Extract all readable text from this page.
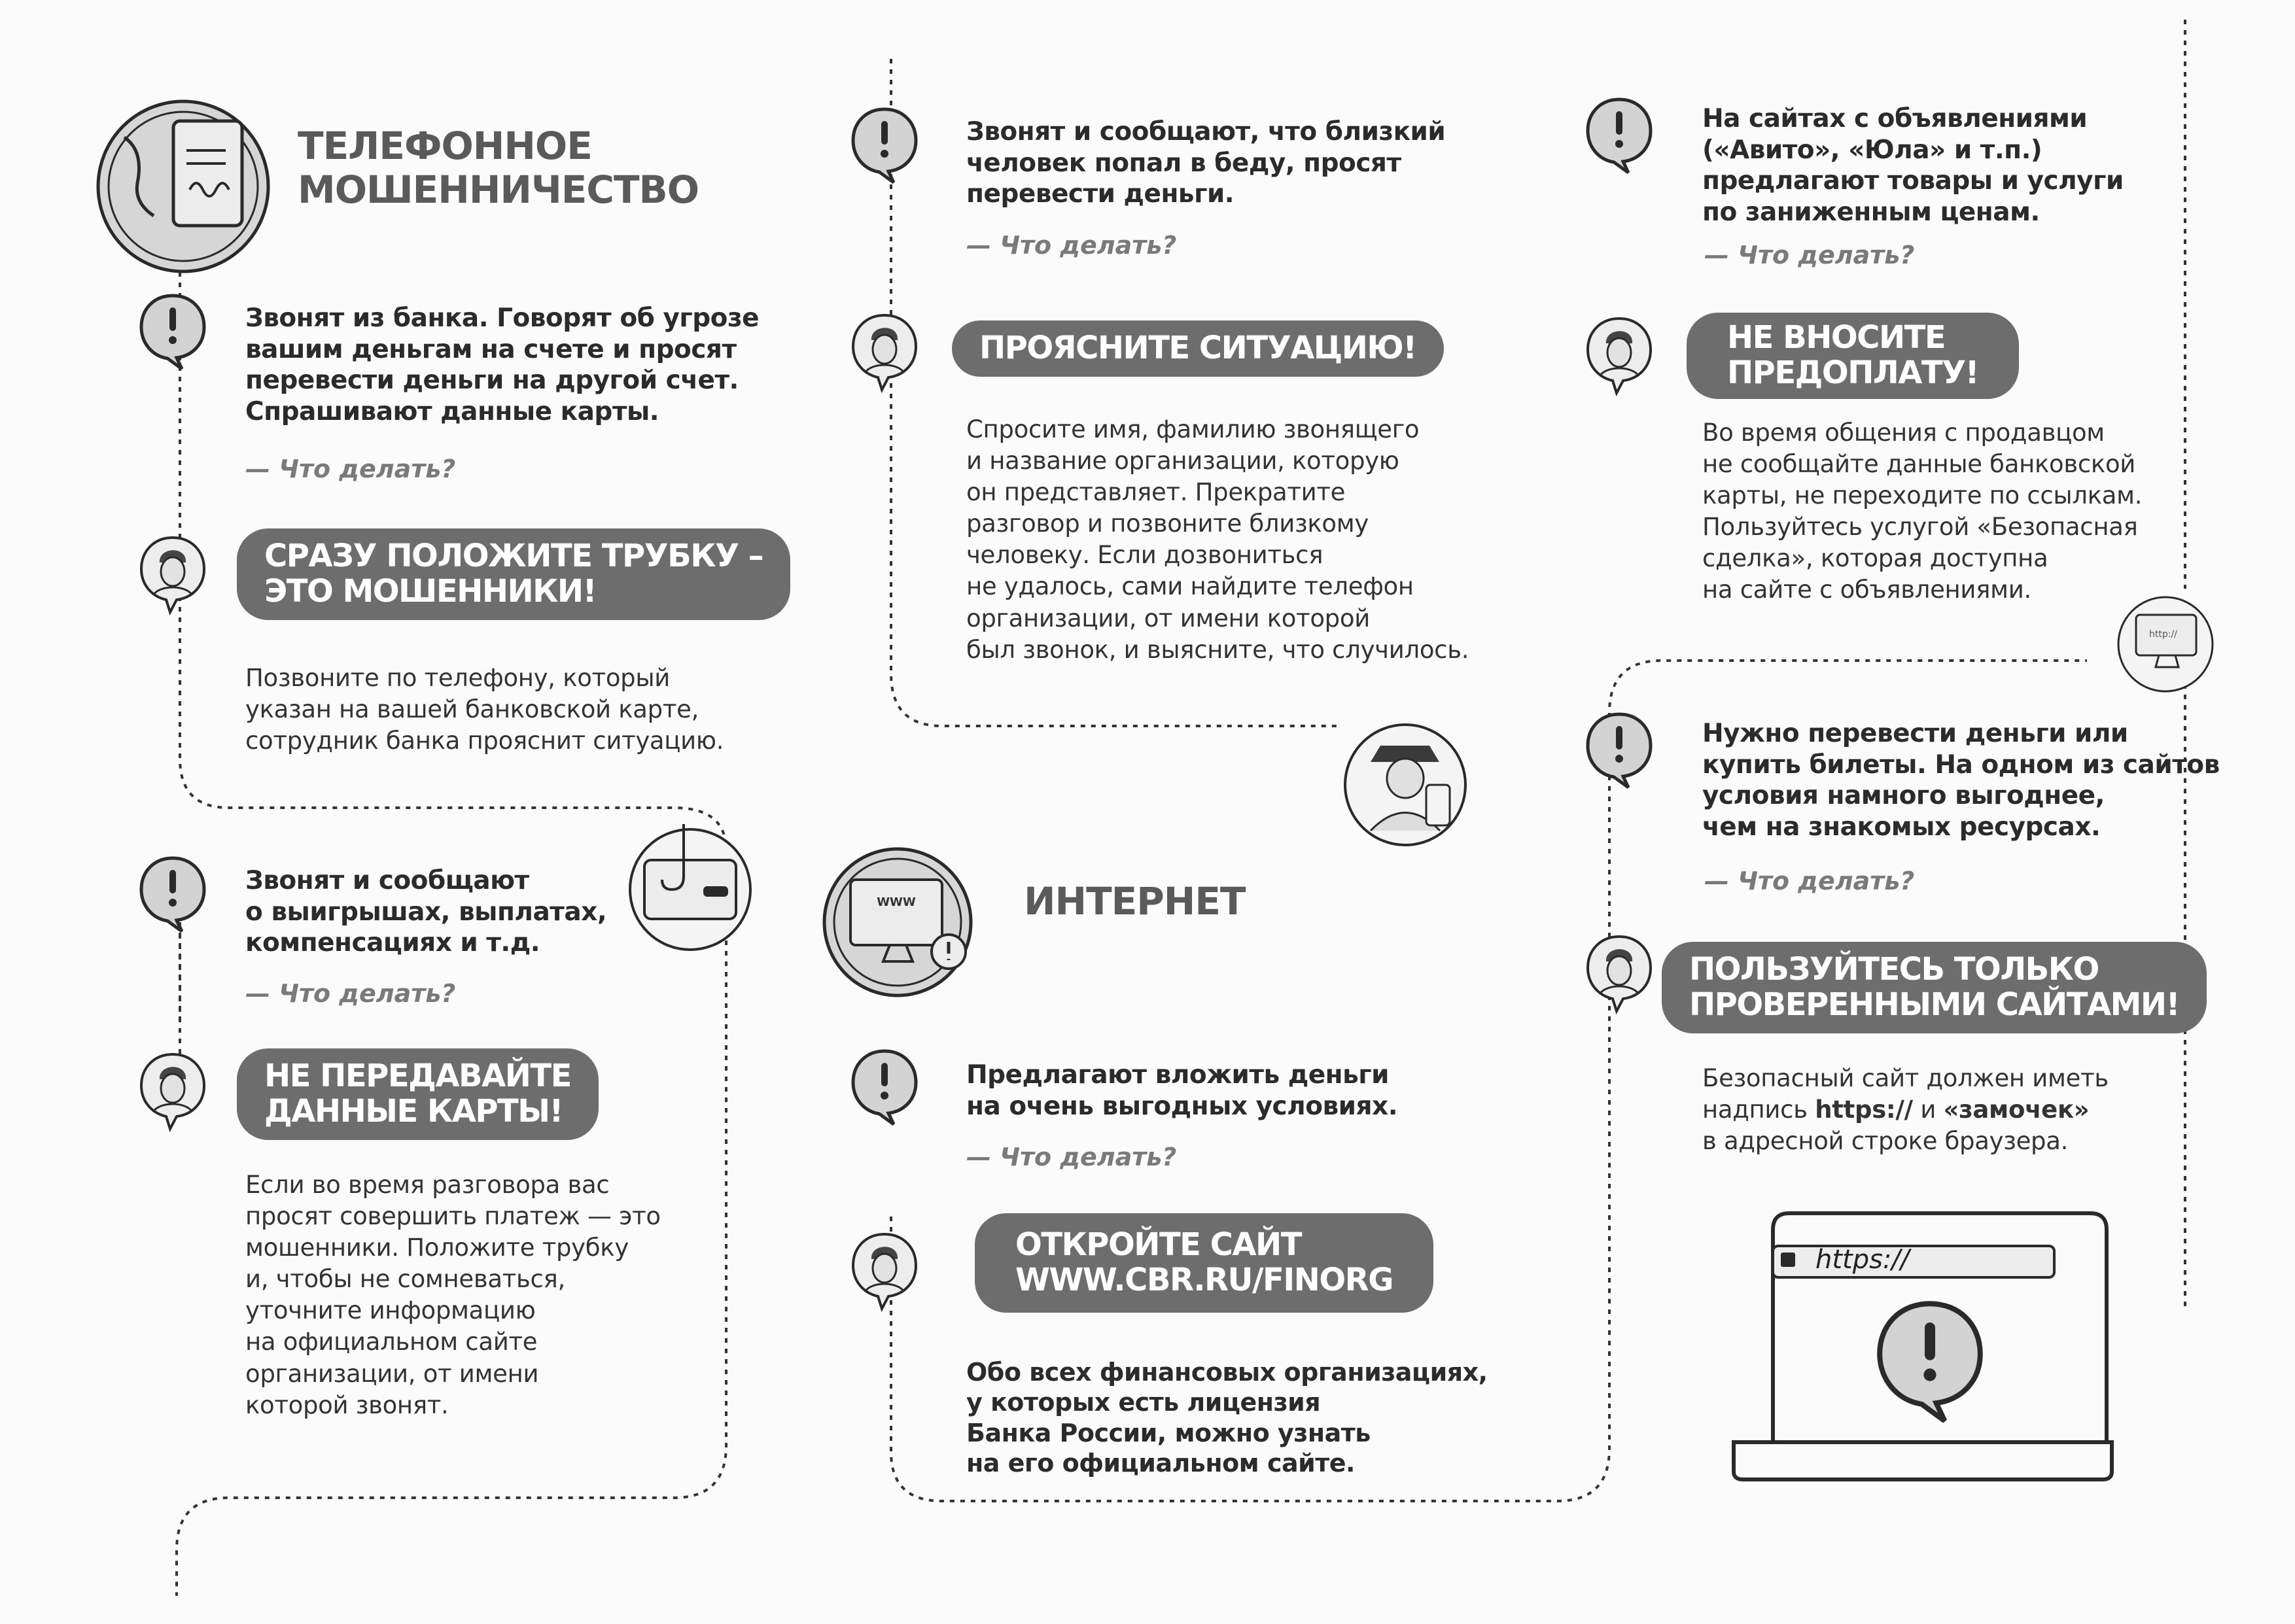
WWW
ТЕЛЕФОННОЕ
МОШЕННИЧЕСТВО
Звонят из банка. Говорят об угрозе
вашим деньгам на счете и просят
перевести деньги на другой счет.
Спрашивают данные карты.
— Что делать?
СРАЗУ ПОЛОЖИТЕ ТРУБКУ –
ЭТО МОШЕННИКИ!
Позвоните по телефону, который
указан на вашей банковской карте,
сотрудник банка прояснит ситуацию.
Звонят и сообщают
о выигрышах, выплатах,
компенсациях и т.д.
— Что делать?
НЕ ПЕРЕДАВАЙТЕ
ДАННЫЕ КАРТЫ!
Если во время разговора вас
просят совершить платеж — это
мошенники. Положите трубку
и, чтобы не сомневаться,
уточните информацию
на официальном сайте
организации, от имени
которой звонят.
Звонят и сообщают, что близкий
человек попал в беду, просят
перевести деньги.
— Что делать?
ПРОЯСНИТЕ СИТУАЦИЮ!
Спросите имя, фамилию звонящего
и название организации, которую
он представляет. Прекратите
разговор и позвоните близкому
человеку. Если дозвониться
не удалось, сами найдите телефон
организации, от имени которой
был звонок, и выясните, что случилось.
ИНТЕРНЕТ
Предлагают вложить деньги
на очень выгодных условиях.
— Что делать?
ОТКРОЙТЕ САЙТ
WWW.CBR.RU/FINORG
Обо всех финансовых организациях,
у которых есть лицензия
Банка России, можно узнать
на его официальном сайте.
На сайтах с объявлениями
(«Авито», «Юла» и т.п.)
предлагают товары и услуги
по заниженным ценам.
— Что делать?
НЕ ВНОСИТЕ
ПРЕДОПЛАТУ!
Во время общения с продавцом
не сообщайте данные банковской
карты, не переходите по ссылкам.
Пользуйтесь услугой «Безопасная
сделка», которая доступна
на сайте с объявлениями.
http://
Нужно перевести деньги или
купить билеты. На одном из сайтов
условия намного выгоднее,
чем на знакомых ресурсах.
— Что делать?
ПОЛЬЗУЙТЕСЬ ТОЛЬКО
ПРОВЕРЕННЫМИ САЙТАМИ!
Безопасный сайт должен иметь
надпись https:// и «замочек»
в адресной строке браузера.
https://
